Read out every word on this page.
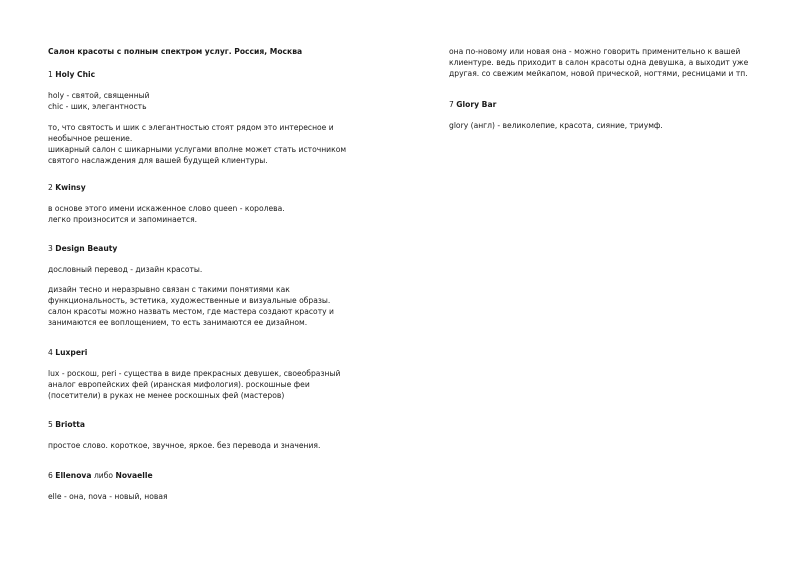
Салон красоты с полным спектром услуг. Россия, Москва

1 Holy Chic

holy - святой, священный

chic - шик, элегантность

то, что святость и шик с элегантностью стоят рядом это интересное и

необычное решение.

шикарный салон с шикарными услугами вполне может стать источником

святого наслаждения для вашей будущей клиентуры.

2 Kwinsy

в основе этого имени искаженное слово queen - королева.

легко произносится и запоминается.

3 Design Beauty

дословный перевод - дизайн красоты.

дизайн тесно и неразрывно связан с такими понятиями как

функциональность, эстетика, художественные и визуальные образы.

салон красоты можно назвать местом, где мастера создают красоту и

занимаются ее воплощением, то есть занимаются ее дизайном.

4 Luxperi

lux - роскош, peri - существа в виде прекрасных девушек, своеобразный

аналог европейских фей (иранская мифология). роскошные феи

(посетители) в руках не менее роскошных фей (мастеров)

5 Briotta

простое слово. короткое, звучное, яркое. без перевода и значения.

6 Ellenova либо Novaelle

elle - она, nova - новый, новая

она по-новому или новая она - можно говорить применительно к вашей

клиентуре. ведь приходит в салон красоты одна девушка, а выходит уже

другая. со свежим мейкапом, новой прической, ногтями, ресницами и тп.

7 Glory Bar

glory (англ) - великолепие, красота, сияние, триумф.
